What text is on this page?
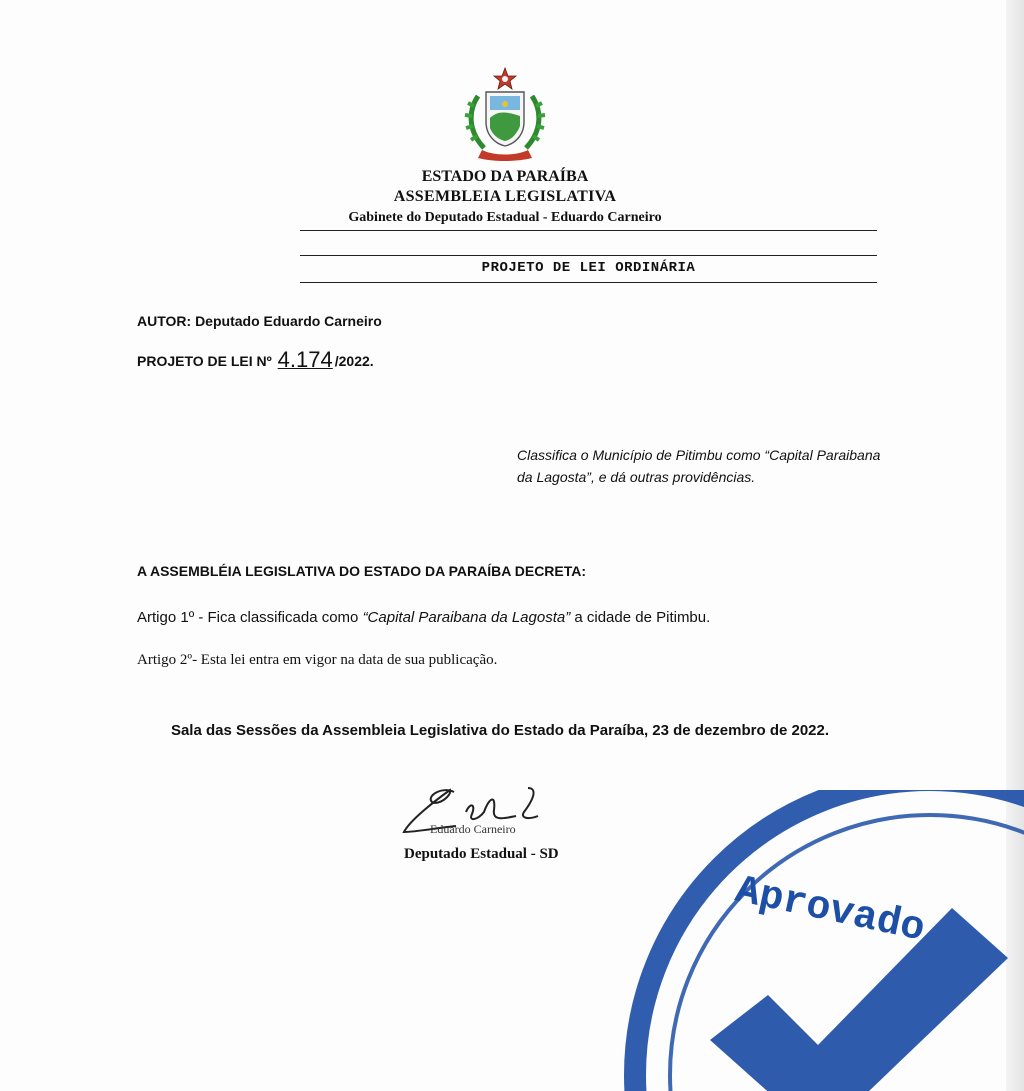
ESTADO DA PARAÍBA
ASSEMBLEIA LEGISLATIVA
Gabinete do Deputado Estadual - Eduardo Carneiro
PROJETO DE LEI ORDINÁRIA
AUTOR: Deputado Eduardo Carneiro
PROJETO DE LEI Nº 4.174 /2022.
Classifica o Município de Pitimbu como “Capital Paraibana da Lagosta”, e dá outras providências.
A ASSEMBLÉIA LEGISLATIVA DO ESTADO DA PARAÍBA DECRETA:
Artigo 1º - Fica classificada como “Capital Paraibana da Lagosta” a cidade de Pitimbu.
Artigo 2º- Esta lei entra em vigor na data de sua publicação.
Sala das Sessões da Assembleia Legislativa do Estado da Paraíba, 23 de dezembro de 2022.
Eduardo Carneiro
Deputado Estadual - SD
Aprovado
